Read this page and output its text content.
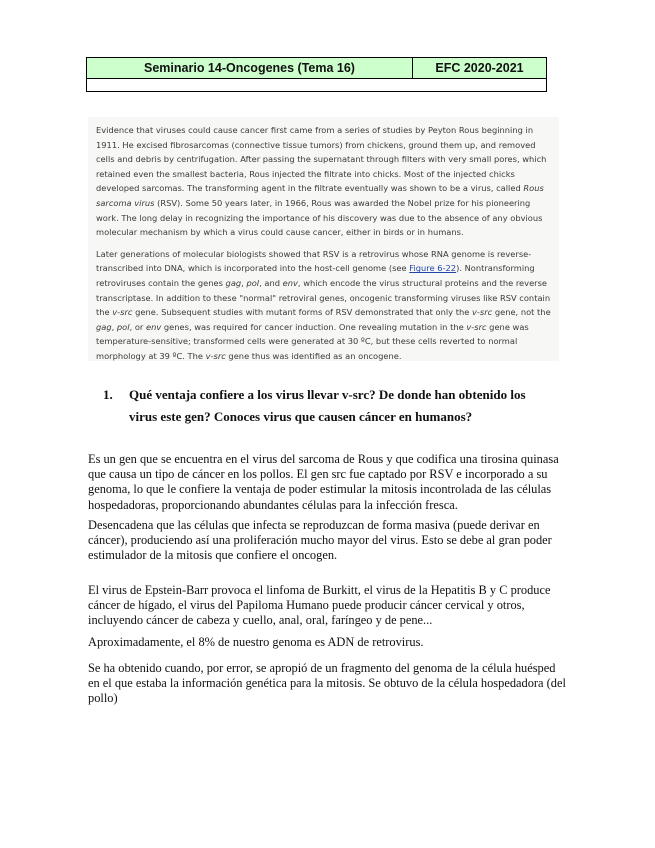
Seminario 14-Oncogenes (Tema 16)	EFC 2020-2021

Evidence that viruses could cause cancer first came from a series of studies by Peyton Rous beginning in 1911. He excised fibrosarcomas (connective tissue tumors) from chickens, ground them up, and removed cells and debris by centrifugation. After passing the supernatant through filters with very small pores, which retained even the smallest bacteria, Rous injected the filtrate into chicks. Most of the injected chicks developed sarcomas. The transforming agent in the filtrate eventually was shown to be a virus, called Rous sarcoma virus (RSV). Some 50 years later, in 1966, Rous was awarded the Nobel prize for his pioneering work. The long delay in recognizing the importance of his discovery was due to the absence of any obvious molecular mechanism by which a virus could cause cancer, either in birds or in humans.

Later generations of molecular biologists showed that RSV is a retrovirus whose RNA genome is reverse-transcribed into DNA, which is incorporated into the host-cell genome (see Figure 6-22). Nontransforming retroviruses contain the genes gag, pol, and env, which encode the virus structural proteins and the reverse transcriptase. In addition to these "normal" retroviral genes, oncogenic transforming viruses like RSV contain the v-src gene. Subsequent studies with mutant forms of RSV demonstrated that only the v-src gene, not the gag, pol, or env genes, was required for cancer induction. One revealing mutation in the v-src gene was temperature-sensitive; transformed cells were generated at 30 ºC, but these cells reverted to normal morphology at 39 ºC. The v-src gene thus was identified as an oncogene.

1. Qué ventaja confiere a los virus llevar v-src? De donde han obtenido los virus este gen? Conoces virus que causen cáncer en humanos?

Es un gen que se encuentra en el virus del sarcoma de Rous y que codifica una tirosina quinasa que causa un tipo de cáncer en los pollos. El gen src fue captado por RSV e incorporado a su genoma, lo que le confiere la ventaja de poder estimular la mitosis incontrolada de las células hospedadoras, proporcionando abundantes células para la infección fresca.

Desencadena que las células que infecta se reproduzcan de forma masiva (puede derivar en cáncer), produciendo así una proliferación mucho mayor del virus. Esto se debe al gran poder estimulador de la mitosis que confiere el oncogen.

El virus de Epstein-Barr provoca el linfoma de Burkitt, el virus de la Hepatitis B y C produce cáncer de hígado, el virus del Papiloma Humano puede producir cáncer cervical y otros, incluyendo cáncer de cabeza y cuello, anal, oral, faríngeo y de pene...

Aproximadamente, el 8% de nuestro genoma es ADN de retrovirus.

Se ha obtenido cuando, por error, se apropió de un fragmento del genoma de la célula huésped en el que estaba la información genética para la mitosis. Se obtuvo de la célula hospedadora (del pollo)
